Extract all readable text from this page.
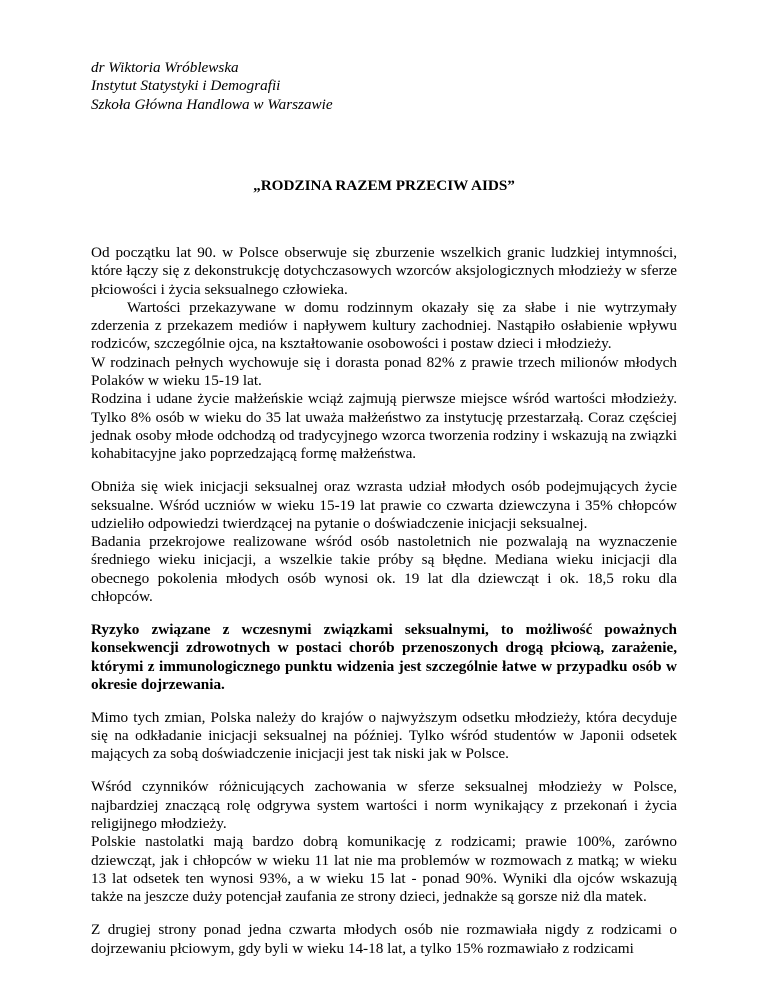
dr Wiktoria Wróblewska
Instytut Statystyki i Demografii
Szkoła Główna Handlowa w Warszawie
„RODZINA RAZEM PRZECIW AIDS”

Od początku lat 90. w Polsce obserwuje się zburzenie wszelkich granic ludzkiej intymności, które łączy się z dekonstrukcję dotychczasowych wzorców aksjologicznych młodzieży w sferze płciowości i życia seksualnego człowieka.

Wartości przekazywane w domu rodzinnym okazały się za słabe i nie wytrzymały zderzenia z przekazem mediów i napływem kultury zachodniej. Nastąpiło osłabienie wpływu rodziców, szczególnie ojca, na kształtowanie osobowości i postaw dzieci i młodzieży.

W rodzinach pełnych wychowuje się i dorasta ponad 82% z prawie trzech milionów młodych Polaków w wieku 15-19 lat.

Rodzina i udane życie małżeńskie wciąż zajmują pierwsze miejsce wśród wartości młodzieży. Tylko 8% osób w wieku do 35 lat uważa małżeństwo za instytucję przestarzałą. Coraz częściej jednak osoby młode odchodzą od tradycyjnego wzorca tworzenia rodziny i wskazują na związki kohabitacyjne jako poprzedzającą formę małżeństwa.

Obniża się wiek inicjacji seksualnej oraz wzrasta udział młodych osób podejmujących życie seksualne. Wśród uczniów w wieku 15-19 lat prawie co czwarta dziewczyna i 35% chłopców udzieliło odpowiedzi twierdzącej na pytanie o doświadczenie inicjacji seksualnej.

Badania przekrojowe realizowane wśród osób nastoletnich nie pozwalają na wyznaczenie średniego wieku inicjacji, a wszelkie takie próby są błędne. Mediana wieku inicjacji dla obecnego pokolenia młodych osób wynosi ok. 19 lat dla dziewcząt i ok. 18,5 roku dla chłopców.

Ryzyko związane z wczesnymi związkami seksualnymi, to możliwość poważnych konsekwencji zdrowotnych w postaci chorób przenoszonych drogą płciową, zarażenie, którymi z immunologicznego punktu widzenia jest szczególnie łatwe w przypadku osób w okresie dojrzewania.

Mimo tych zmian, Polska należy do krajów o najwyższym odsetku młodzieży, która decyduje się na odkładanie inicjacji seksualnej na później. Tylko wśród studentów w Japonii odsetek mających za sobą doświadczenie inicjacji jest tak niski jak w Polsce.

Wśród czynników różnicujących zachowania w sferze seksualnej młodzieży w Polsce, najbardziej znaczącą rolę odgrywa system wartości i norm wynikający z przekonań i życia religijnego młodzieży.

Polskie nastolatki mają bardzo dobrą komunikację z rodzicami; prawie 100%, zarówno dziewcząt, jak i chłopców w wieku 11 lat nie ma problemów w rozmowach z matką; w wieku 13 lat odsetek ten wynosi 93%, a w wieku 15 lat - ponad 90%. Wyniki dla ojców wskazują także na jeszcze duży potencjał zaufania ze strony dzieci, jednakże są gorsze niż dla matek.

Z drugiej strony ponad jedna czwarta młodych osób nie rozmawiała nigdy z rodzicami o dojrzewaniu płciowym, gdy byli w wieku 14-18 lat, a tylko 15% rozmawiało z rodzicami
